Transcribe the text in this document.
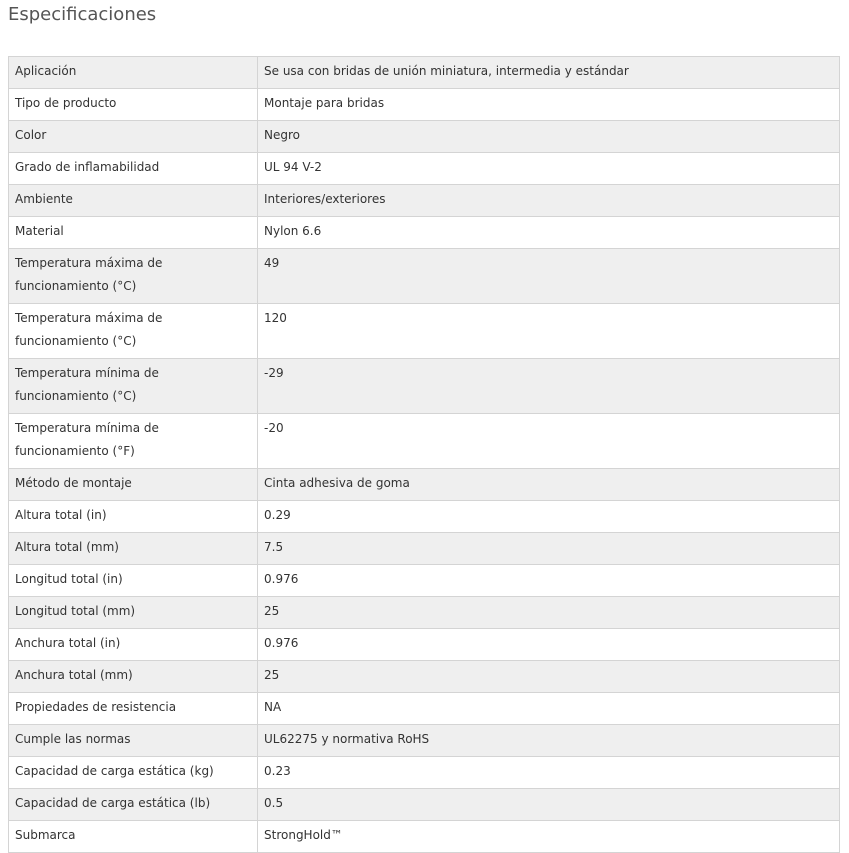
Especificaciones
Aplicación	Se usa con bridas de unión miniatura, intermedia y estándar
Tipo de producto	Montaje para bridas
Color	Negro
Grado de inflamabilidad	UL 94 V-2
Ambiente	Interiores/exteriores
Material	Nylon 6.6
Temperatura máxima de funcionamiento (°C)	49
Temperatura máxima de funcionamiento (°C)	120
Temperatura mínima de funcionamiento (°C)	-29
Temperatura mínima de funcionamiento (°F)	-20
Método de montaje	Cinta adhesiva de goma
Altura total (in)	0.29
Altura total (mm)	7.5
Longitud total (in)	0.976
Longitud total (mm)	25
Anchura total (in)	0.976
Anchura total (mm)	25
Propiedades de resistencia	NA
Cumple las normas	UL62275 y normativa RoHS
Capacidad de carga estática (kg)	0.23
Capacidad de carga estática (lb)	0.5
Submarca	StrongHold™
